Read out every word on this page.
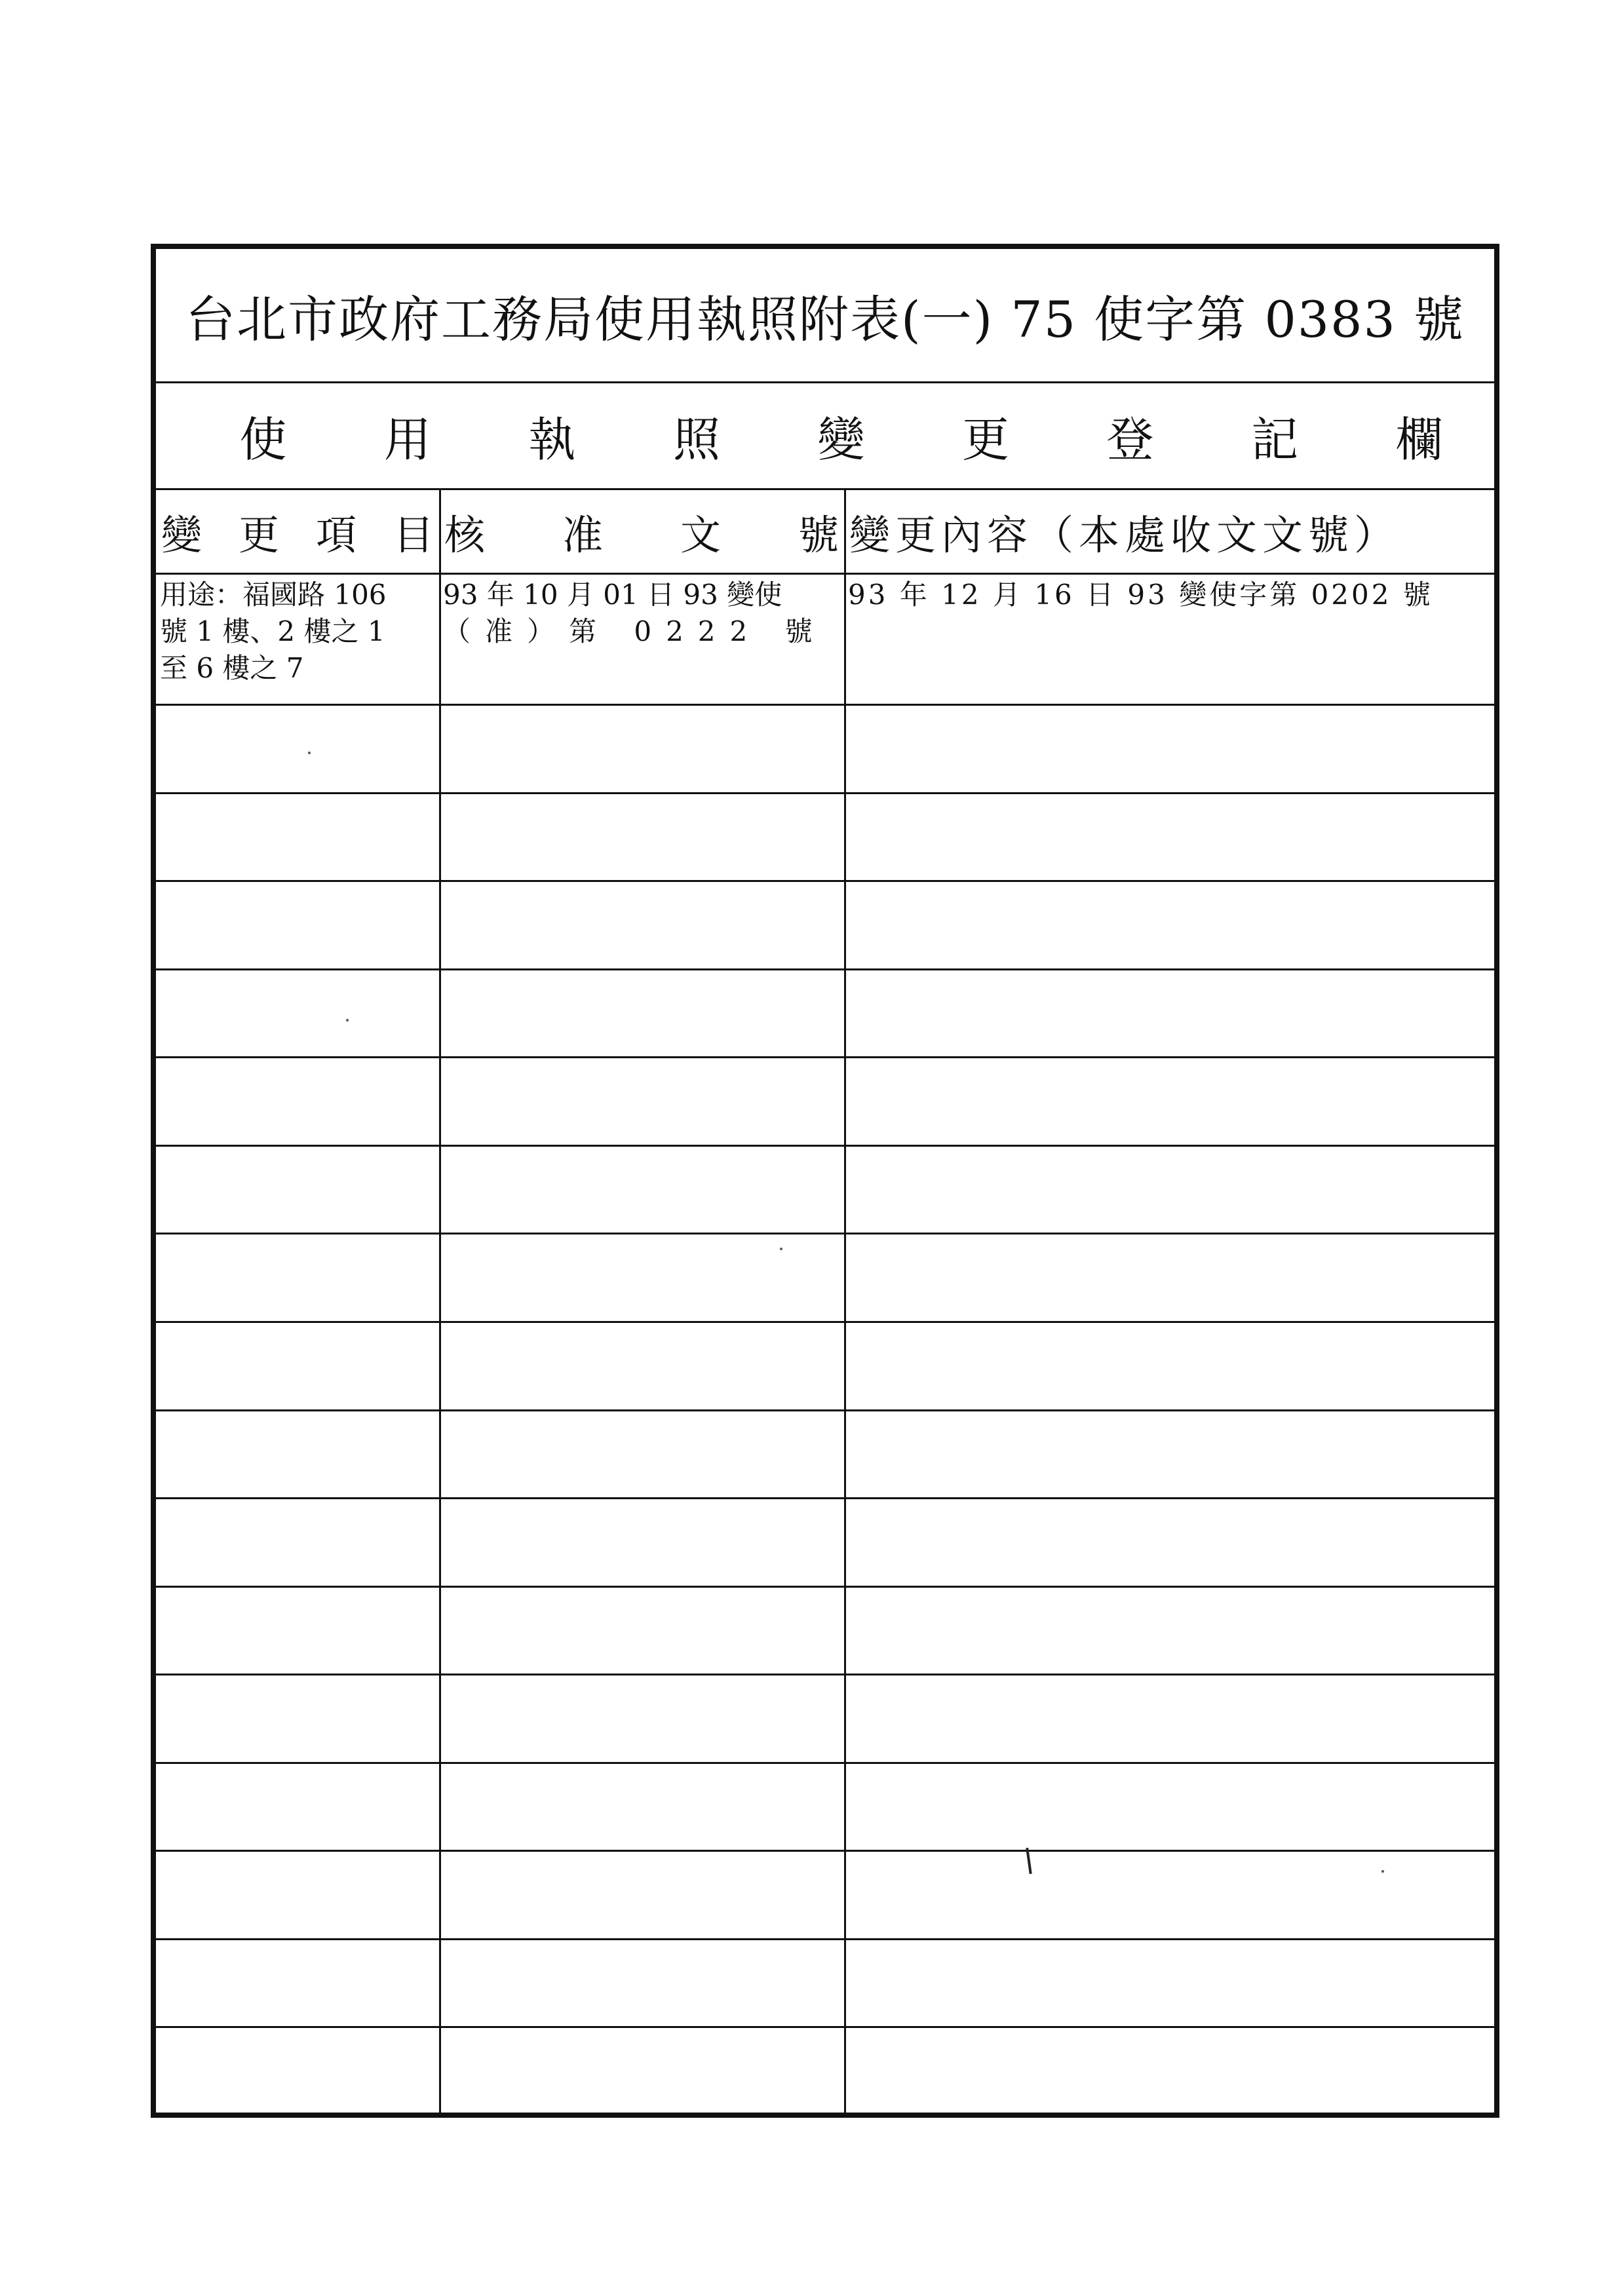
台北市政府工務局使用執照附表(一) 75 使字第 0383 號
使 用 執 照 變 更 登 記 欄
變 更 項 目 核 准 文 號 變更內容（本處收文文號）
用途：福國路 106
號 1 樓、2 樓之 1
至 6 樓之 7
93 年 10 月 01 日 93 變使
（准）第 0222 號
93 年 12 月 16 日 93 變使字第 0202 號
